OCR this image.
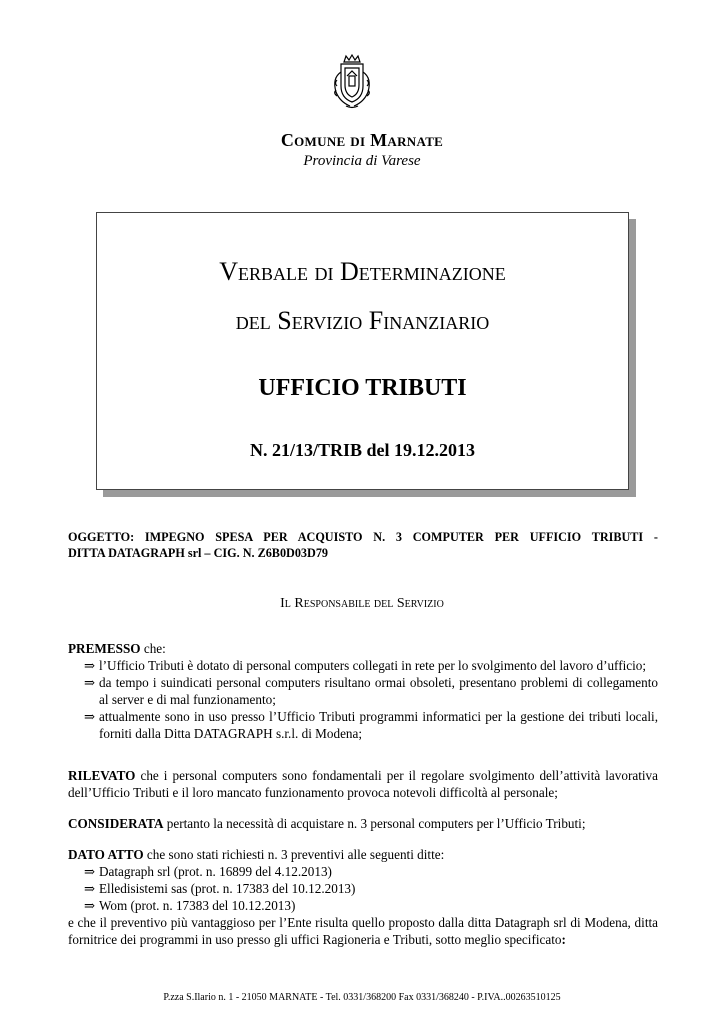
Comune di Marnate
Provincia di Varese
Verbale di Determinazione
del Servizio Finanziario
UFFICIO TRIBUTI
N. 21/13/TRIB del 19.12.2013
OGGETTO: IMPEGNO SPESA PER ACQUISTO N. 3 COMPUTER PER UFFICIO TRIBUTI -
DITTA DATAGRAPH srl – CIG. N. Z6B0D03D79
Il Responsabile del Servizio
PREMESSO che:
⇒ l’Ufficio Tributi è dotato di personal computers collegati in rete per lo svolgimento del lavoro d’ufficio;
⇒ da tempo i suindicati personal computers risultano ormai obsoleti, presentano problemi di collegamento al server e di mal funzionamento;
⇒ attualmente sono in uso presso l’Ufficio Tributi programmi informatici per la gestione dei tributi locali, forniti dalla Ditta DATAGRAPH s.r.l. di Modena;
RILEVATO che i personal computers sono fondamentali per il regolare svolgimento dell’attività lavorativa dell’Ufficio Tributi e il loro mancato funzionamento provoca notevoli difficoltà al personale;
CONSIDERATA pertanto la necessità di acquistare n. 3 personal computers per l’Ufficio Tributi;
DATO ATTO che sono stati richiesti n. 3 preventivi alle seguenti ditte:
⇒ Datagraph srl (prot. n. 16899 del 4.12.2013)
⇒ Elledisistemi sas (prot. n. 17383 del 10.12.2013)
⇒ Wom (prot. n. 17383 del 10.12.2013)
e che il preventivo più vantaggioso per l’Ente risulta quello proposto dalla ditta Datagraph srl di Modena, ditta fornitrice dei programmi in uso presso gli uffici Ragioneria e Tributi, sotto meglio specificato:
P.zza S.Ilario n. 1 - 21050 MARNATE - Tel. 0331/368200 Fax 0331/368240 - P.IVA..00263510125
